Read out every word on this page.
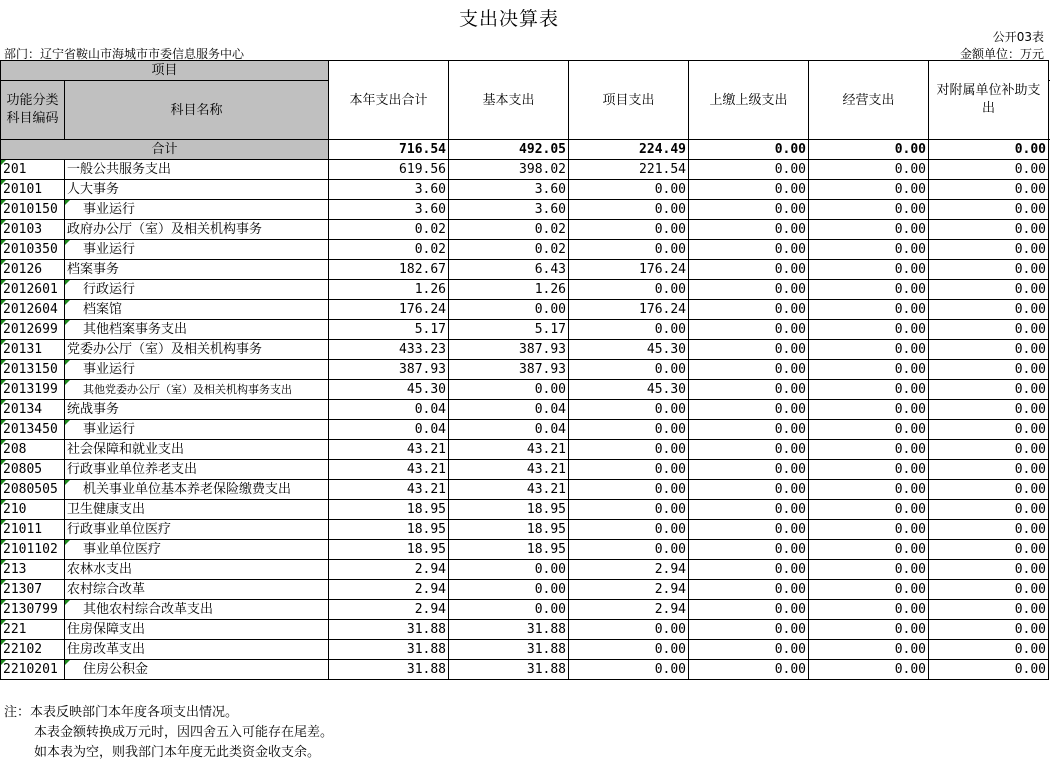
支出决算表
公开03表
部门：辽宁省鞍山市海城市市委信息服务中心	金额单位：万元
项目		本年支出合计	基本支出	项目支出	上缴上级支出	经营支出	对附属单位补助支出	
功能分类科目编码	科目名称							

合计		716.54	492.05	224.49	0.00	0.00	0.00	
201	一般公共服务支出	619.56	398.02	221.54	0.00	0.00	0.00	
20101	人大事务	3.60	3.60	0.00	0.00	0.00	0.00	
2010150	事业运行	3.60	3.60	0.00	0.00	0.00	0.00	
20103	政府办公厅（室）及相关机构事务	0.02	0.02	0.00	0.00	0.00	0.00	
2010350	事业运行	0.02	0.02	0.00	0.00	0.00	0.00	
20126	档案事务	182.67	6.43	176.24	0.00	0.00	0.00	
2012601	行政运行	1.26	1.26	0.00	0.00	0.00	0.00	
2012604	档案馆	176.24	0.00	176.24	0.00	0.00	0.00	
2012699	其他档案事务支出	5.17	5.17	0.00	0.00	0.00	0.00	
20131	党委办公厅（室）及相关机构事务	433.23	387.93	45.30	0.00	0.00	0.00	
2013150	事业运行	387.93	387.93	0.00	0.00	0.00	0.00	
2013199	其他党委办公厅（室）及相关机构事务支出	45.30	0.00	45.30	0.00	0.00	0.00	
20134	统战事务	0.04	0.04	0.00	0.00	0.00	0.00	
2013450	事业运行	0.04	0.04	0.00	0.00	0.00	0.00	
208	社会保障和就业支出	43.21	43.21	0.00	0.00	0.00	0.00	
20805	行政事业单位养老支出	43.21	43.21	0.00	0.00	0.00	0.00	
2080505	机关事业单位基本养老保险缴费支出	43.21	43.21	0.00	0.00	0.00	0.00	
210	卫生健康支出	18.95	18.95	0.00	0.00	0.00	0.00	
21011	行政事业单位医疗	18.95	18.95	0.00	0.00	0.00	0.00	
2101102	事业单位医疗	18.95	18.95	0.00	0.00	0.00	0.00	
213	农林水支出	2.94	0.00	2.94	0.00	0.00	0.00	
21307	农村综合改革	2.94	0.00	2.94	0.00	0.00	0.00	
2130799	其他农村综合改革支出	2.94	0.00	2.94	0.00	0.00	0.00	
221	住房保障支出	31.88	31.88	0.00	0.00	0.00	0.00	
22102	住房改革支出	31.88	31.88	0.00	0.00	0.00	0.00	
2210201	住房公积金	31.88	31.88	0.00	0.00	0.00	0.00	
注：本表反映部门本年度各项支出情况。
本表金额转换成万元时，因四舍五入可能存在尾差。
如本表为空，则我部门本年度无此类资金收支余。
